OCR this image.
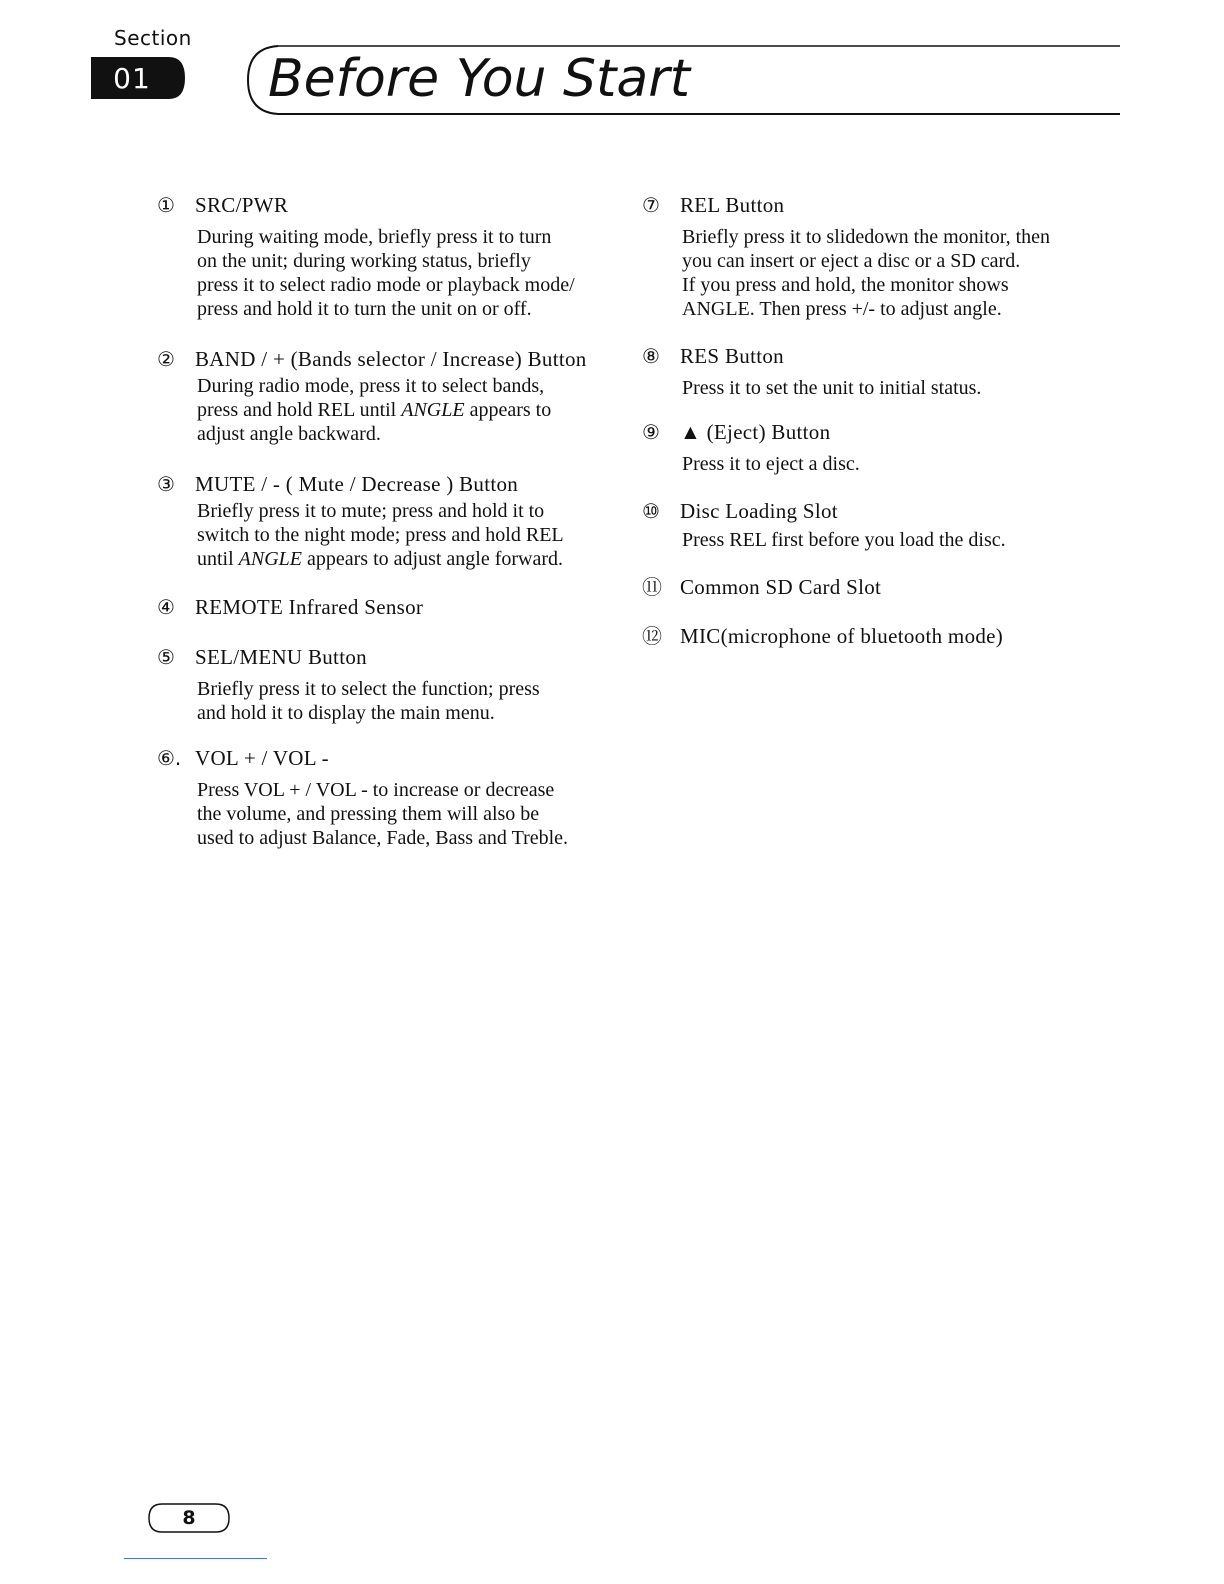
Section
01	Before You Start
① SRC/PWR
During waiting mode, briefly press it to turn
on the unit; during working status, briefly
press it to select radio mode or playback mode/
press and hold it to turn the unit on or off.
② BAND / + (Bands selector / Increase) Button
During radio mode, press it to select bands,
press and hold REL until ANGLE appears to
adjust angle backward.
③ MUTE / - ( Mute / Decrease ) Button
Briefly press it to mute; press and hold it to
switch to the night mode; press and hold REL
until ANGLE appears to adjust angle forward.
④ REMOTE Infrared Sensor
⑤ SEL/MENU Button
Briefly press it to select the function; press
and hold it to display the main menu.
⑥. VOL + / VOL -
Press VOL + / VOL - to increase or decrease
the volume, and pressing them will also be
used to adjust Balance, Fade, Bass and Treble.
⑦ REL Button
Briefly press it to slidedown the monitor, then
you can insert or eject a disc or a SD card.
If you press and hold, the monitor shows
ANGLE. Then press +/- to adjust angle.
⑧ RES Button
Press it to set the unit to initial status.
⑨ ▲ (Eject) Button
Press it to eject a disc.
⑩ Disc Loading Slot
Press REL first before you load the disc.
⑪ Common SD Card Slot
⑫ MIC(microphone of bluetooth mode)
8
